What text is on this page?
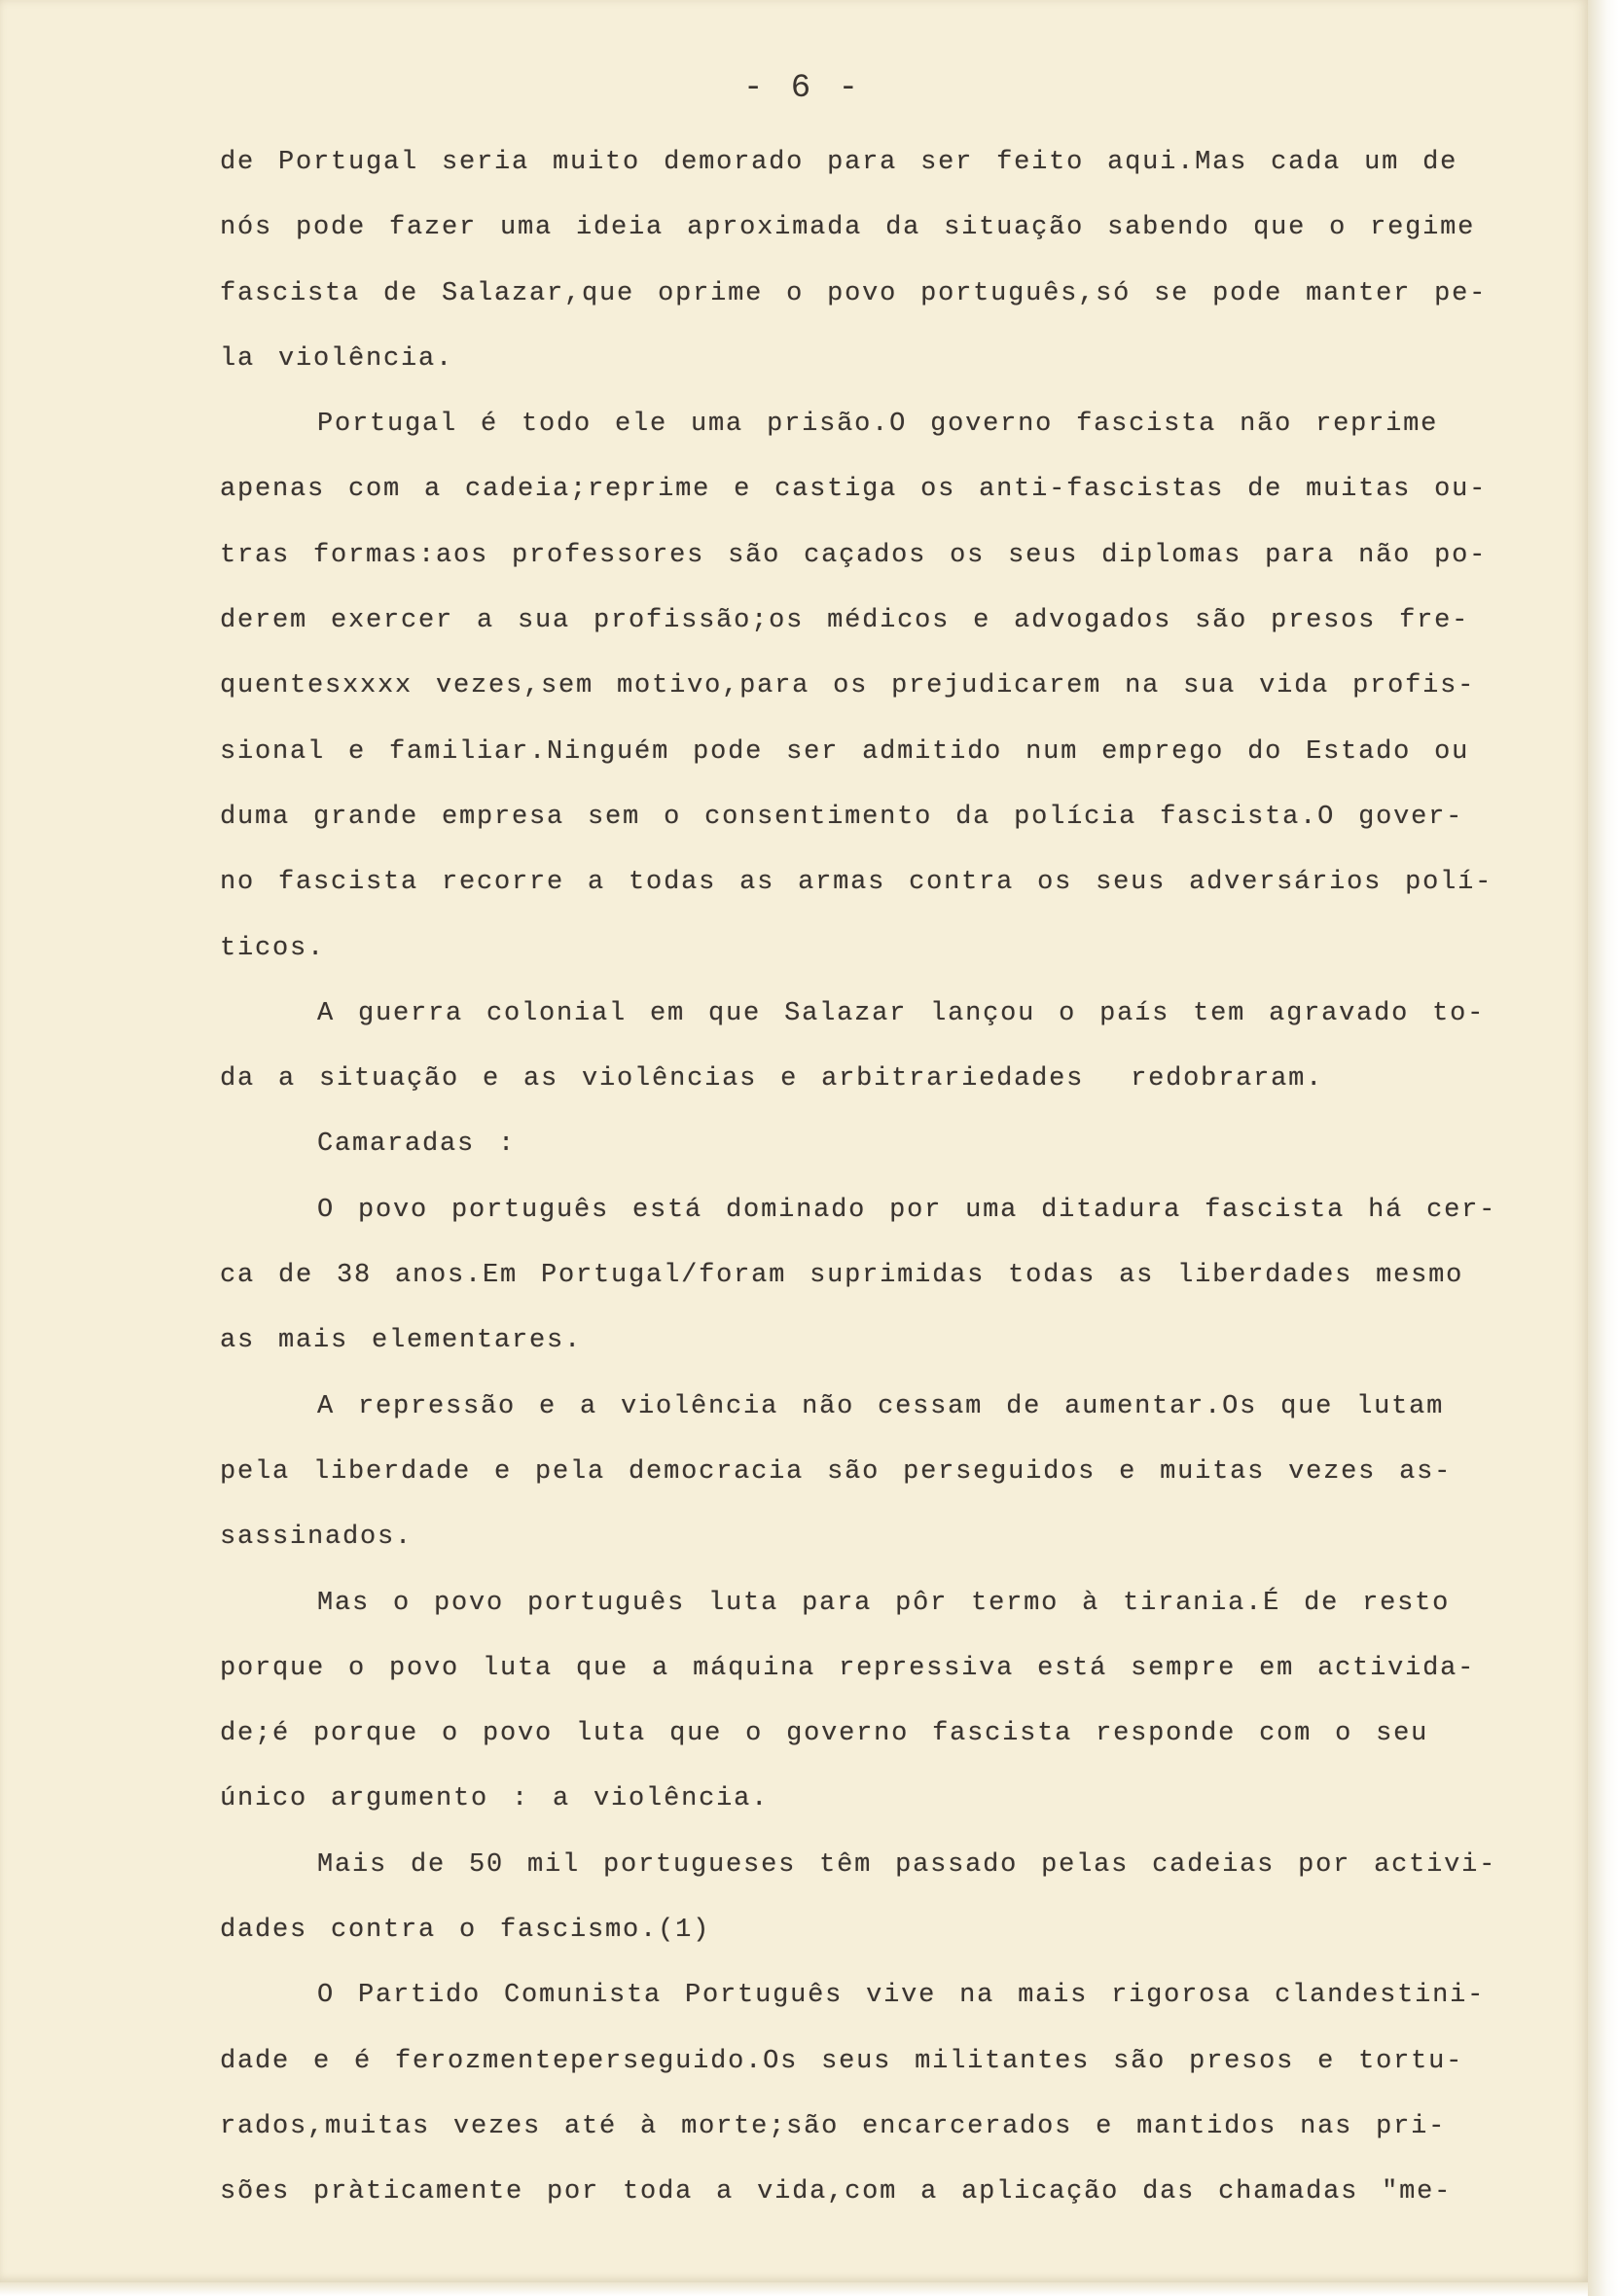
- 6 -
de Portugal seria muito demorado para ser feito aqui.Mas cada um de
nós pode fazer uma ideia aproximada da situação sabendo que o regime
fascista de Salazar,que oprime o povo português,só se pode manter pe-
la violência.
Portugal é todo ele uma prisão.O governo fascista não reprime
apenas com a cadeia;reprime e castiga os anti-fascistas de muitas ou-
tras formas:aos professores são caçados os seus diplomas para não po-
derem exercer a sua profissão;os médicos e advogados são presos fre-
quentesxxxx vezes,sem motivo,para os prejudicarem na sua vida profis-
sional e familiar.Ninguém pode ser admitido num emprego do Estado ou
duma grande empresa sem o consentimento da polícia fascista.O gover-
no fascista recorre a todas as armas contra os seus adversários polí-
ticos.
A guerra colonial em que Salazar lançou o país tem agravado to-
da a situação e as violências e arbitrariedades  redobraram.
Camaradas :
O povo português está dominado por uma ditadura fascista há cer-
ca de 38 anos.Em Portugal/foram suprimidas todas as liberdades mesmo
as mais elementares.
A repressão e a violência não cessam de aumentar.Os que lutam
pela liberdade e pela democracia são perseguidos e muitas vezes as-
sassinados.
Mas o povo português luta para pôr termo à tirania.É de resto
porque o povo luta que a máquina repressiva está sempre em activida-
de;é porque o povo luta que o governo fascista responde com o seu
único argumento : a violência.
Mais de 50 mil portugueses têm passado pelas cadeias por activi-
dades contra o fascismo.(1)
O Partido Comunista Português vive na mais rigorosa clandestini-
dade e é ferozmenteperseguido.Os seus militantes são presos e tortu-
rados,muitas vezes até à morte;são encarcerados e mantidos nas pri-
sões pràticamente por toda a vida,com a aplicação das chamadas "me-
